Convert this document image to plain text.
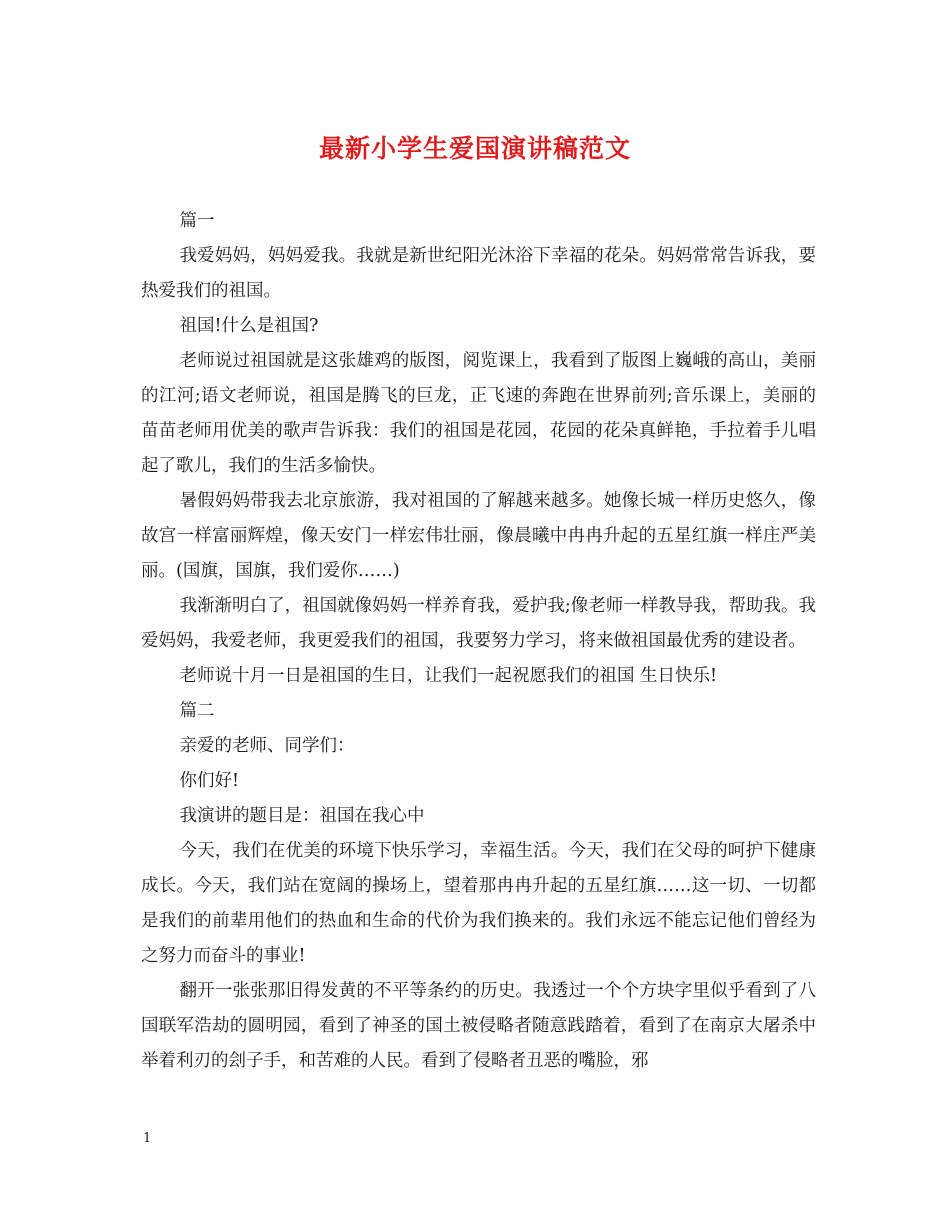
最新小学生爱国演讲稿范文

篇一

我爱妈妈，妈妈爱我。我就是新世纪阳光沐浴下幸福的花朵。妈妈常常告诉我，要热爱我们的祖国。

祖国!什么是祖国?

老师说过祖国就是这张雄鸡的版图，阅览课上，我看到了版图上巍峨的高山，美丽的江河;语文老师说，祖国是腾飞的巨龙，正飞速的奔跑在世界前列;音乐课上，美丽的苗苗老师用优美的歌声告诉我：我们的祖国是花园，花园的花朵真鲜艳，手拉着手儿唱起了歌儿，我们的生活多愉快。

暑假妈妈带我去北京旅游，我对祖国的了解越来越多。她像长城一样历史悠久，像故宫一样富丽辉煌，像天安门一样宏伟壮丽，像晨曦中冉冉升起的五星红旗一样庄严美丽。(国旗，国旗，我们爱你……)

我渐渐明白了，祖国就像妈妈一样养育我，爱护我;像老师一样教导我，帮助我。我爱妈妈，我爱老师，我更爱我们的祖国，我要努力学习，将来做祖国最优秀的建设者。

老师说十月一日是祖国的生日，让我们一起祝愿我们的祖国 生日快乐!

篇二

亲爱的老师、同学们：

你们好!

我演讲的题目是：祖国在我心中

今天，我们在优美的环境下快乐学习，幸福生活。今天，我们在父母的呵护下健康成长。今天，我们站在宽阔的操场上，望着那冉冉升起的五星红旗……这一切、一切都是我们的前辈用他们的热血和生命的代价为我们换来的。我们永远不能忘记他们曾经为之努力而奋斗的事业!

翻开一张张那旧得发黄的不平等条约的历史。我透过一个个方块字里似乎看到了八国联军浩劫的圆明园，看到了神圣的国土被侵略者随意践踏着，看到了在南京大屠杀中举着利刃的刽子手，和苦难的人民。看到了侵略者丑恶的嘴脸，邪

1
